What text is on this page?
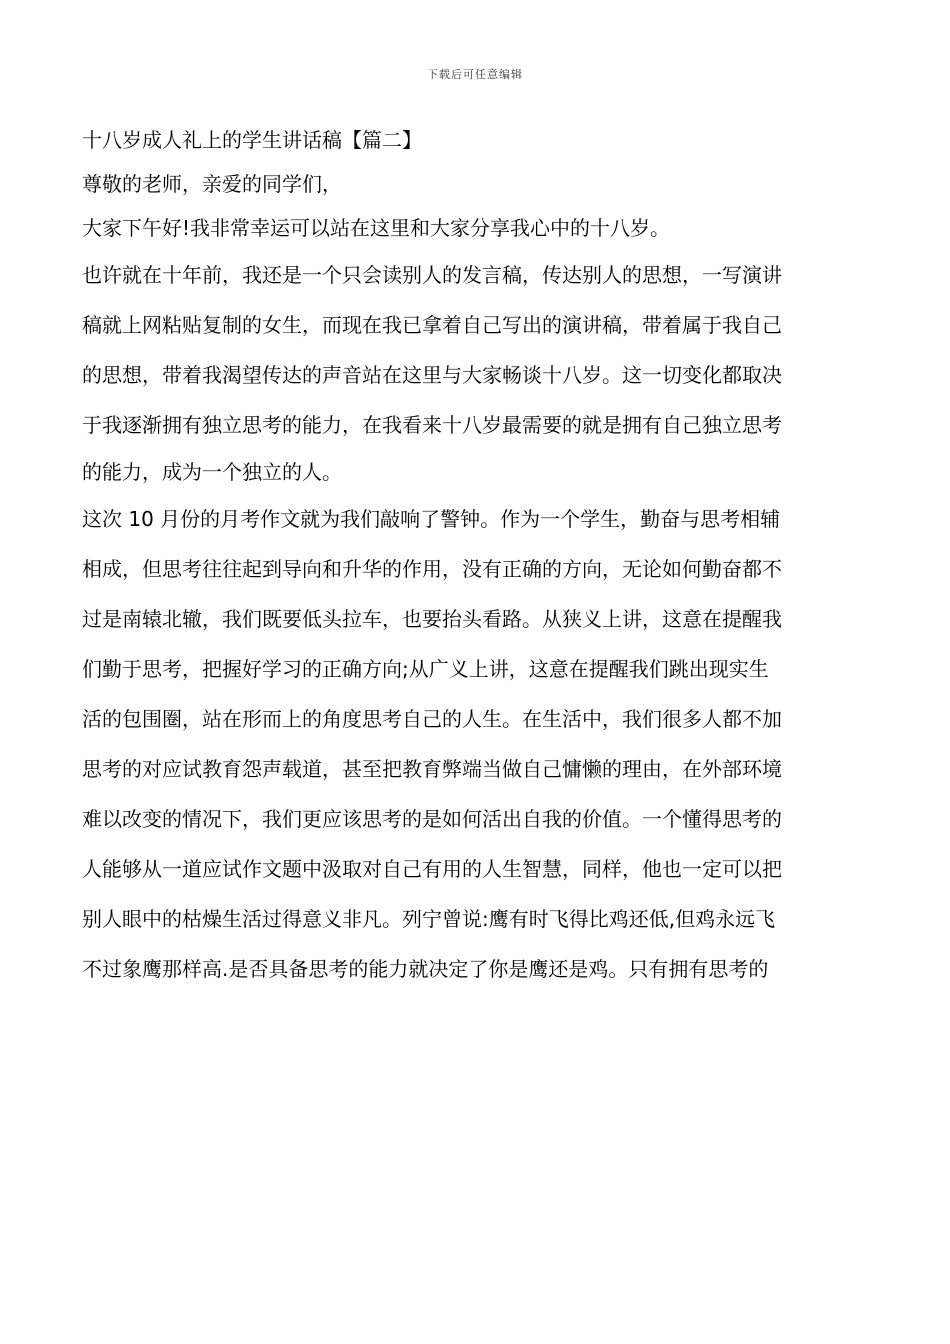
下载后可任意编辑
十八岁成人礼上的学生讲话稿【篇二】
尊敬的老师，亲爱的同学们，
大家下午好!我非常幸运可以站在这里和大家分享我心中的十八岁。
也许就在十年前，我还是一个只会读别人的发言稿，传达别人的思想，一写演讲
稿就上网粘贴复制的女生，而现在我已拿着自己写出的演讲稿，带着属于我自己
的思想，带着我渴望传达的声音站在这里与大家畅谈十八岁。这一切变化都取决
于我逐渐拥有独立思考的能力，在我看来十八岁最需要的就是拥有自己独立思考
的能力，成为一个独立的人。
这次 10 月份的月考作文就为我们敲响了警钟。作为一个学生，勤奋与思考相辅
相成，但思考往往起到导向和升华的作用，没有正确的方向，无论如何勤奋都不
过是南辕北辙，我们既要低头拉车，也要抬头看路。从狭义上讲，这意在提醒我
们勤于思考，把握好学习的正确方向;从广义上讲，这意在提醒我们跳出现实生
活的包围圈，站在形而上的角度思考自己的人生。在生活中，我们很多人都不加
思考的对应试教育怨声载道，甚至把教育弊端当做自己慵懒的理由，在外部环境
难以改变的情况下，我们更应该思考的是如何活出自我的价值。一个懂得思考的
人能够从一道应试作文题中汲取对自己有用的人生智慧，同样，他也一定可以把
别人眼中的枯燥生活过得意义非凡。列宁曾说:鹰有时飞得比鸡还低,但鸡永远飞
不过象鹰那样高.是否具备思考的能力就决定了你是鹰还是鸡。只有拥有思考的
